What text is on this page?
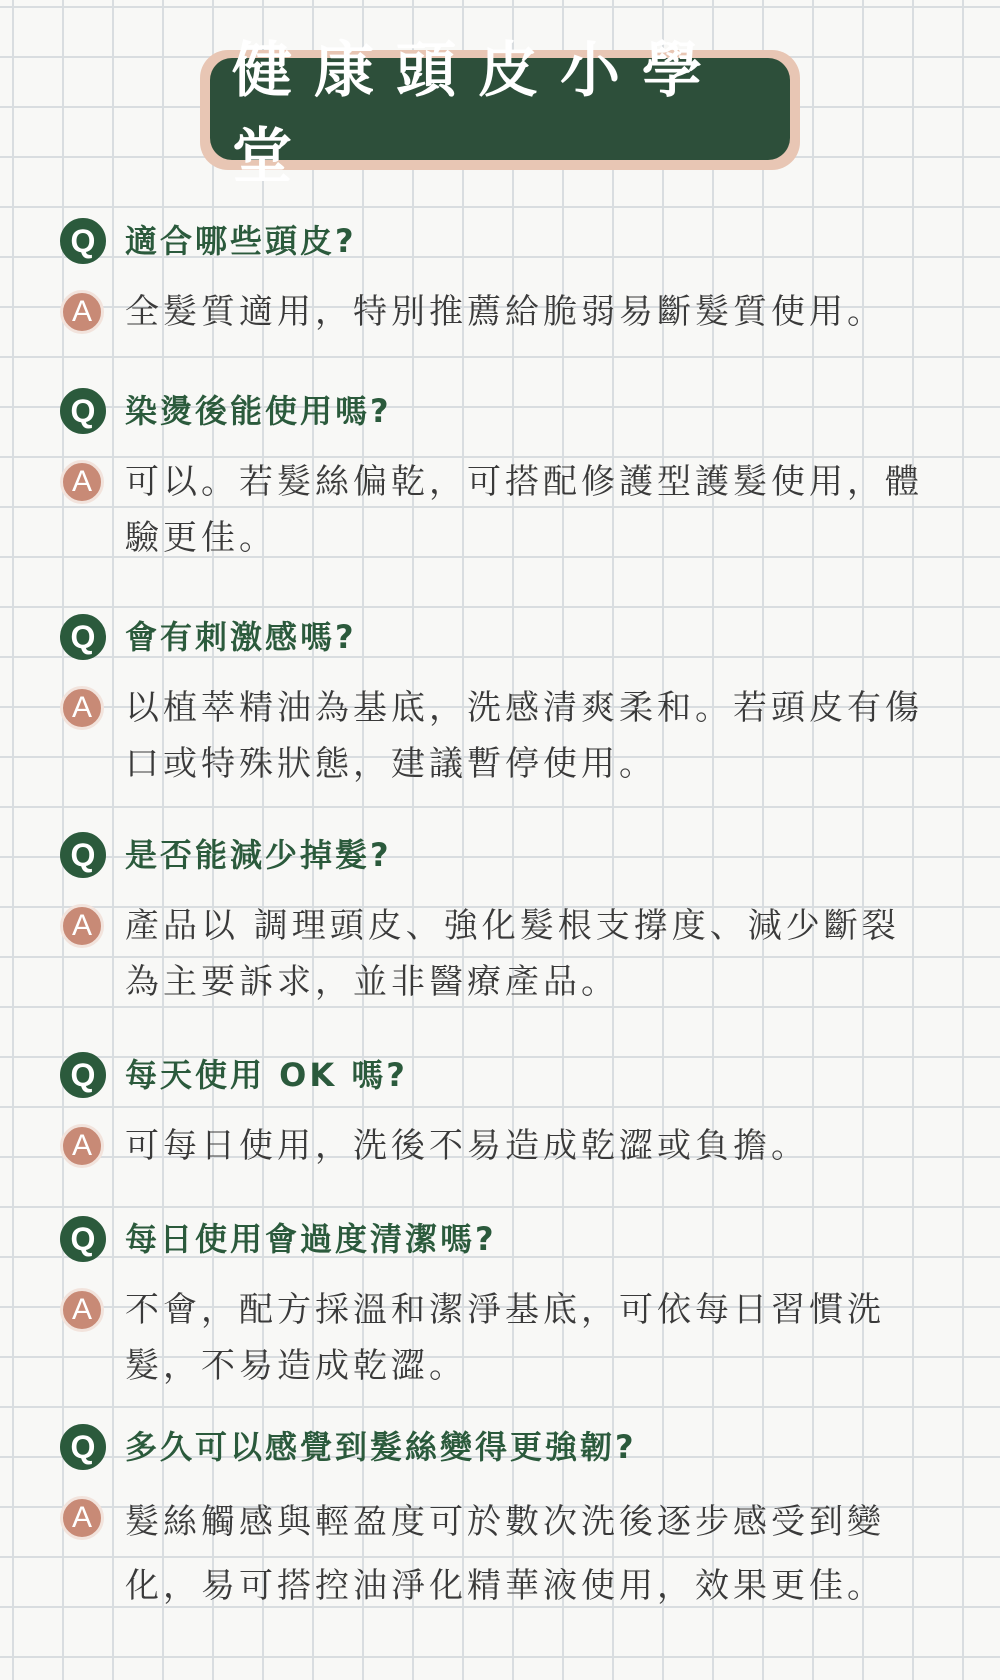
健康頭皮小學堂
Q 適合哪些頭皮?
A 全髮質適用，特別推薦給脆弱易斷髮質使用。
Q 染燙後能使用嗎?
A 可以。若髮絲偏乾，可搭配修護型護髮使用，體驗更佳。
Q 會有刺激感嗎?
A 以植萃精油為基底，洗感清爽柔和。若頭皮有傷口或特殊狀態，建議暫停使用。
Q 是否能減少掉髮?
A 產品以 調理頭皮、強化髮根支撐度、減少斷裂 為主要訴求，並非醫療產品。
Q 每天使用 OK 嗎?
A 可每日使用，洗後不易造成乾澀或負擔。
Q 每日使用會過度清潔嗎?
A 不會，配方採溫和潔淨基底，可依每日習慣洗髮，不易造成乾澀。
Q 多久可以感覺到髮絲變得更強韌?
A 髮絲觸感與輕盈度可於數次洗後逐步感受到變化，易可搭控油淨化精華液使用，效果更佳。
